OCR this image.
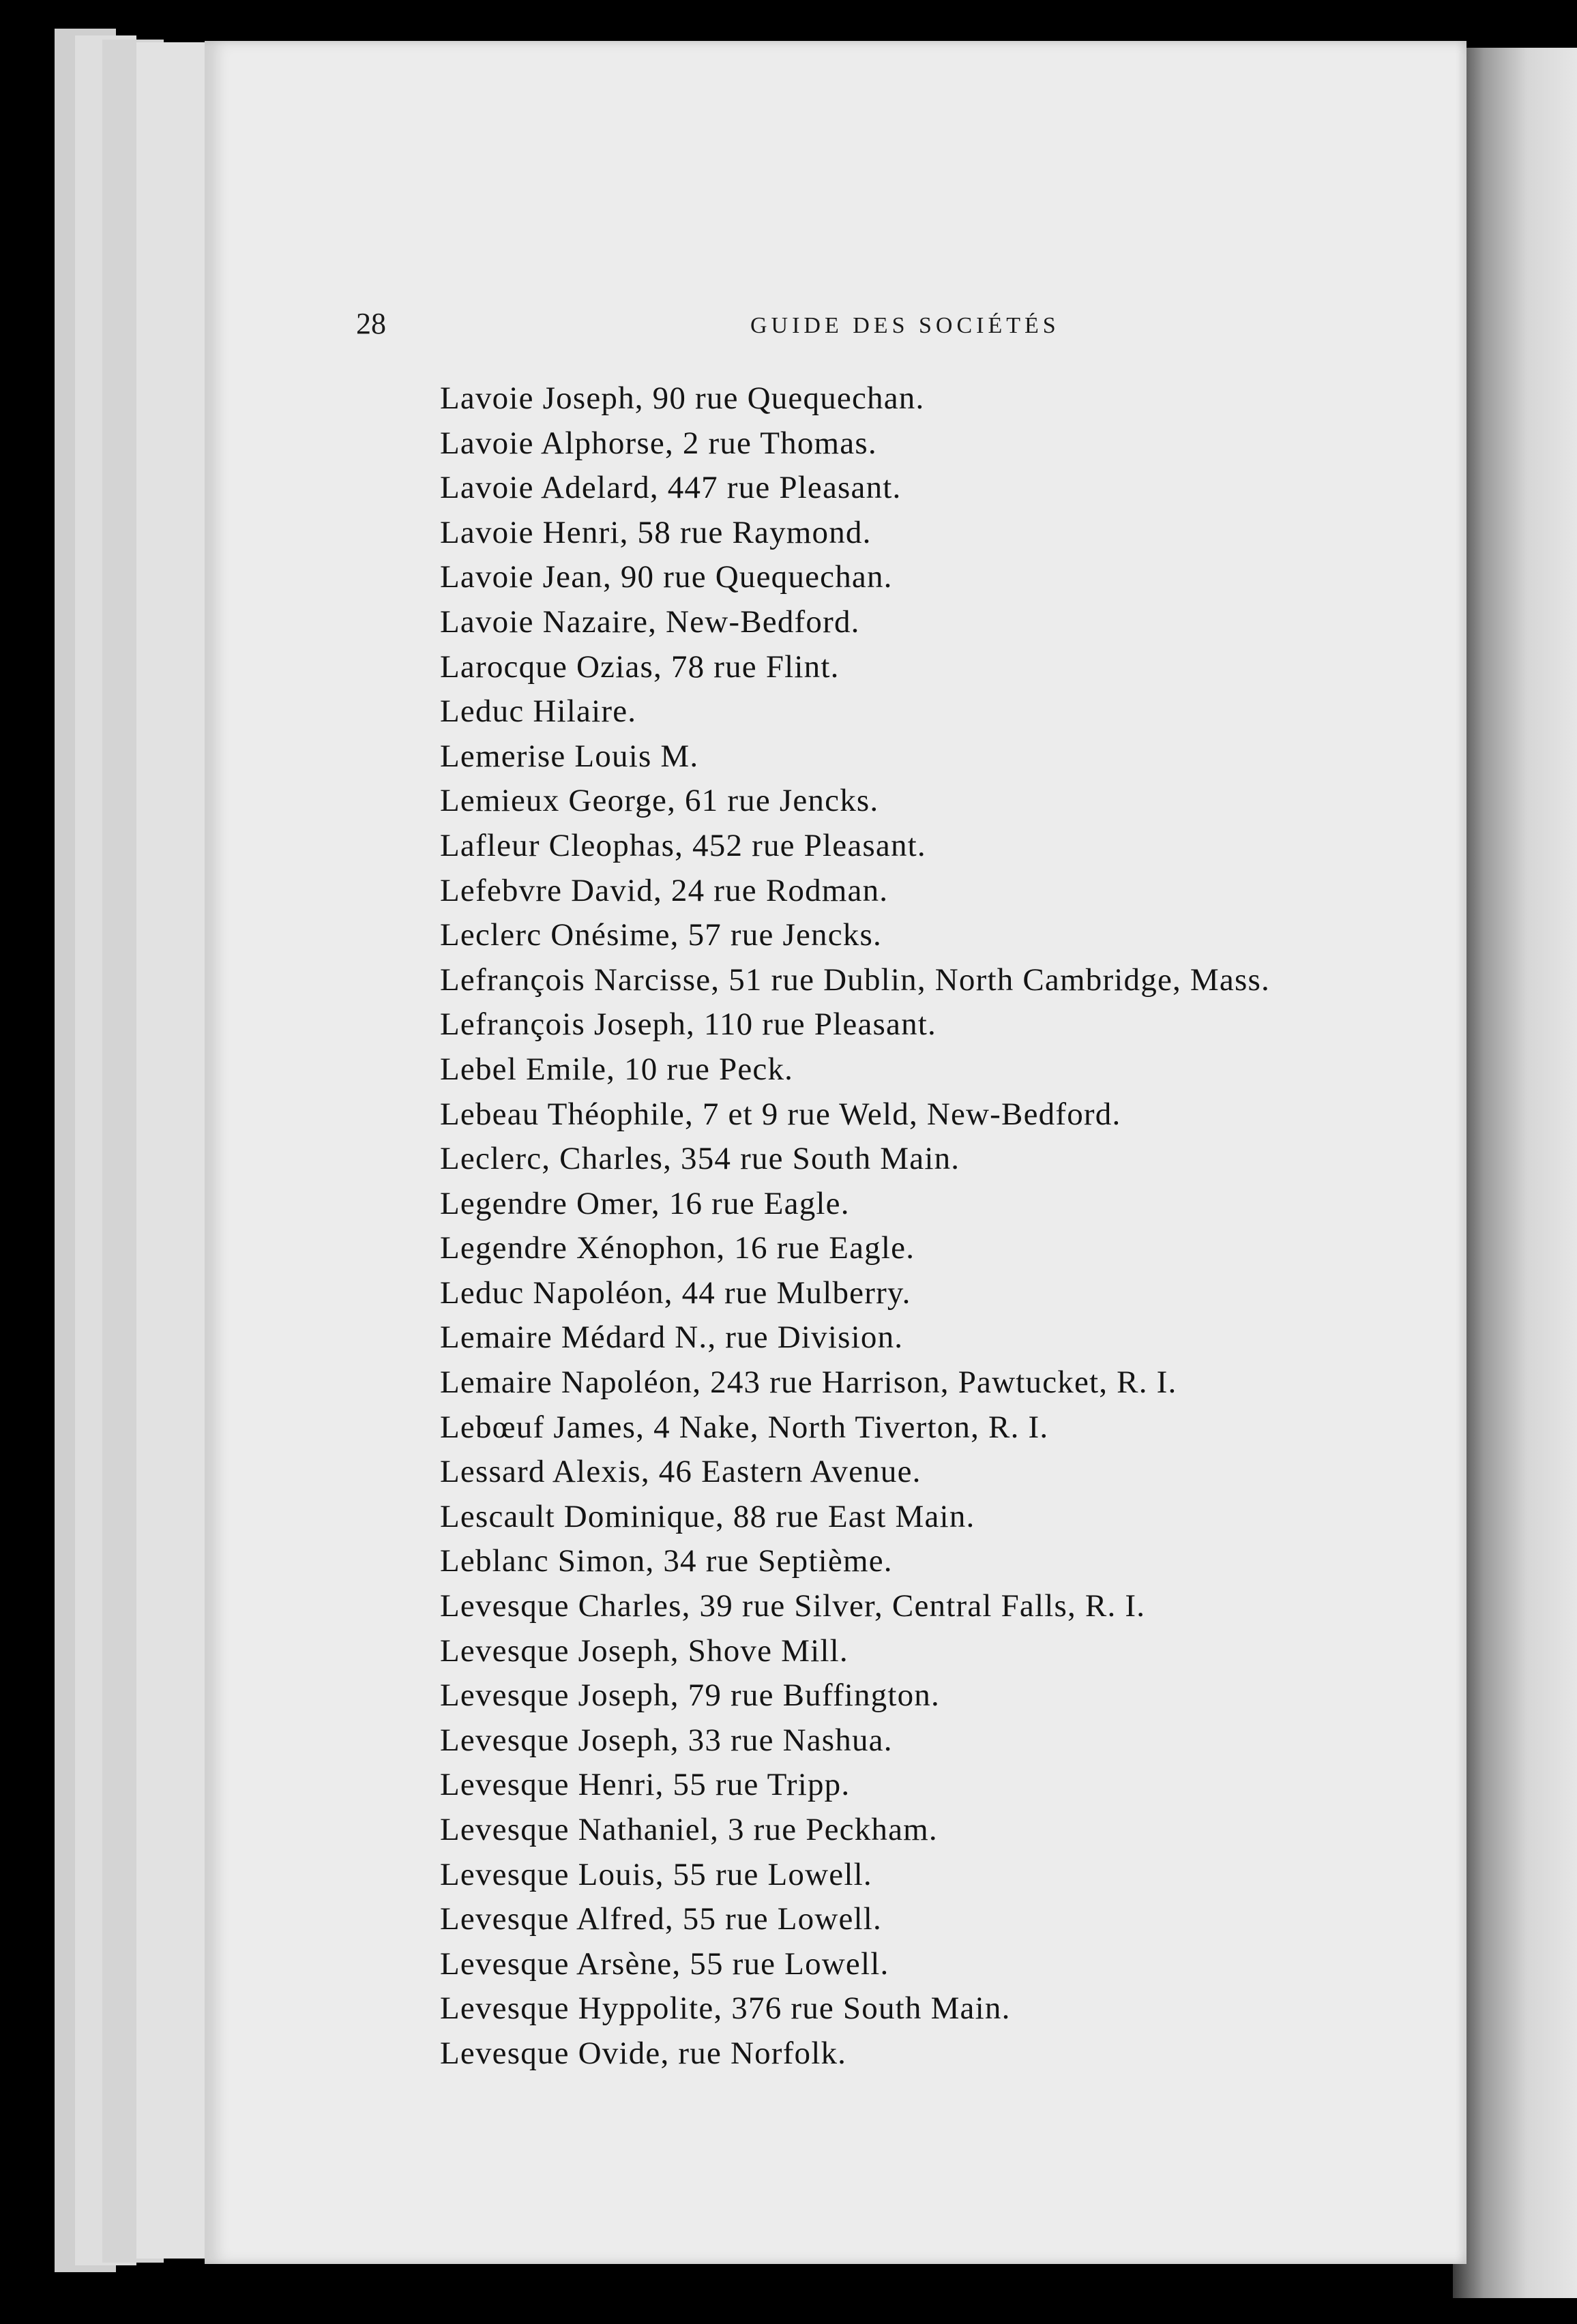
28	GUIDE DES SOCIÉTÉS
Lavoie Joseph, 90 rue Quequechan.
Lavoie Alphorse, 2 rue Thomas.
Lavoie Adelard, 447 rue Pleasant.
Lavoie Henri, 58 rue Raymond.
Lavoie Jean, 90 rue Quequechan.
Lavoie Nazaire, New-Bedford.
Larocque Ozias, 78 rue Flint.
Leduc Hilaire.
Lemerise Louis M.
Lemieux George, 61 rue Jencks.
Lafleur Cleophas, 452 rue Pleasant.
Lefebvre David, 24 rue Rodman.
Leclerc Onésime, 57 rue Jencks.
Lefrançois Narcisse, 51 rue Dublin, North Cambridge, Mass.
Lefrançois Joseph, 110 rue Pleasant.
Lebel Emile, 10 rue Peck.
Lebeau Théophile, 7 et 9 rue Weld, New-Bedford.
Leclerc, Charles, 354 rue South Main.
Legendre Omer, 16 rue Eagle.
Legendre Xénophon, 16 rue Eagle.
Leduc Napoléon, 44 rue Mulberry.
Lemaire Médard N., rue Division.
Lemaire Napoléon, 243 rue Harrison, Pawtucket, R. I.
Lebœuf James, 4 Nake, North Tiverton, R. I.
Lessard Alexis, 46 Eastern Avenue.
Lescault Dominique, 88 rue East Main.
Leblanc Simon, 34 rue Septième.
Levesque Charles, 39 rue Silver, Central Falls, R. I.
Levesque Joseph, Shove Mill.
Levesque Joseph, 79 rue Buffington.
Levesque Joseph, 33 rue Nashua.
Levesque Henri, 55 rue Tripp.
Levesque Nathaniel, 3 rue Peckham.
Levesque Louis, 55 rue Lowell.
Levesque Alfred, 55 rue Lowell.
Levesque Arsène, 55 rue Lowell.
Levesque Hyppolite, 376 rue South Main.
Levesque Ovide, rue Norfolk.
